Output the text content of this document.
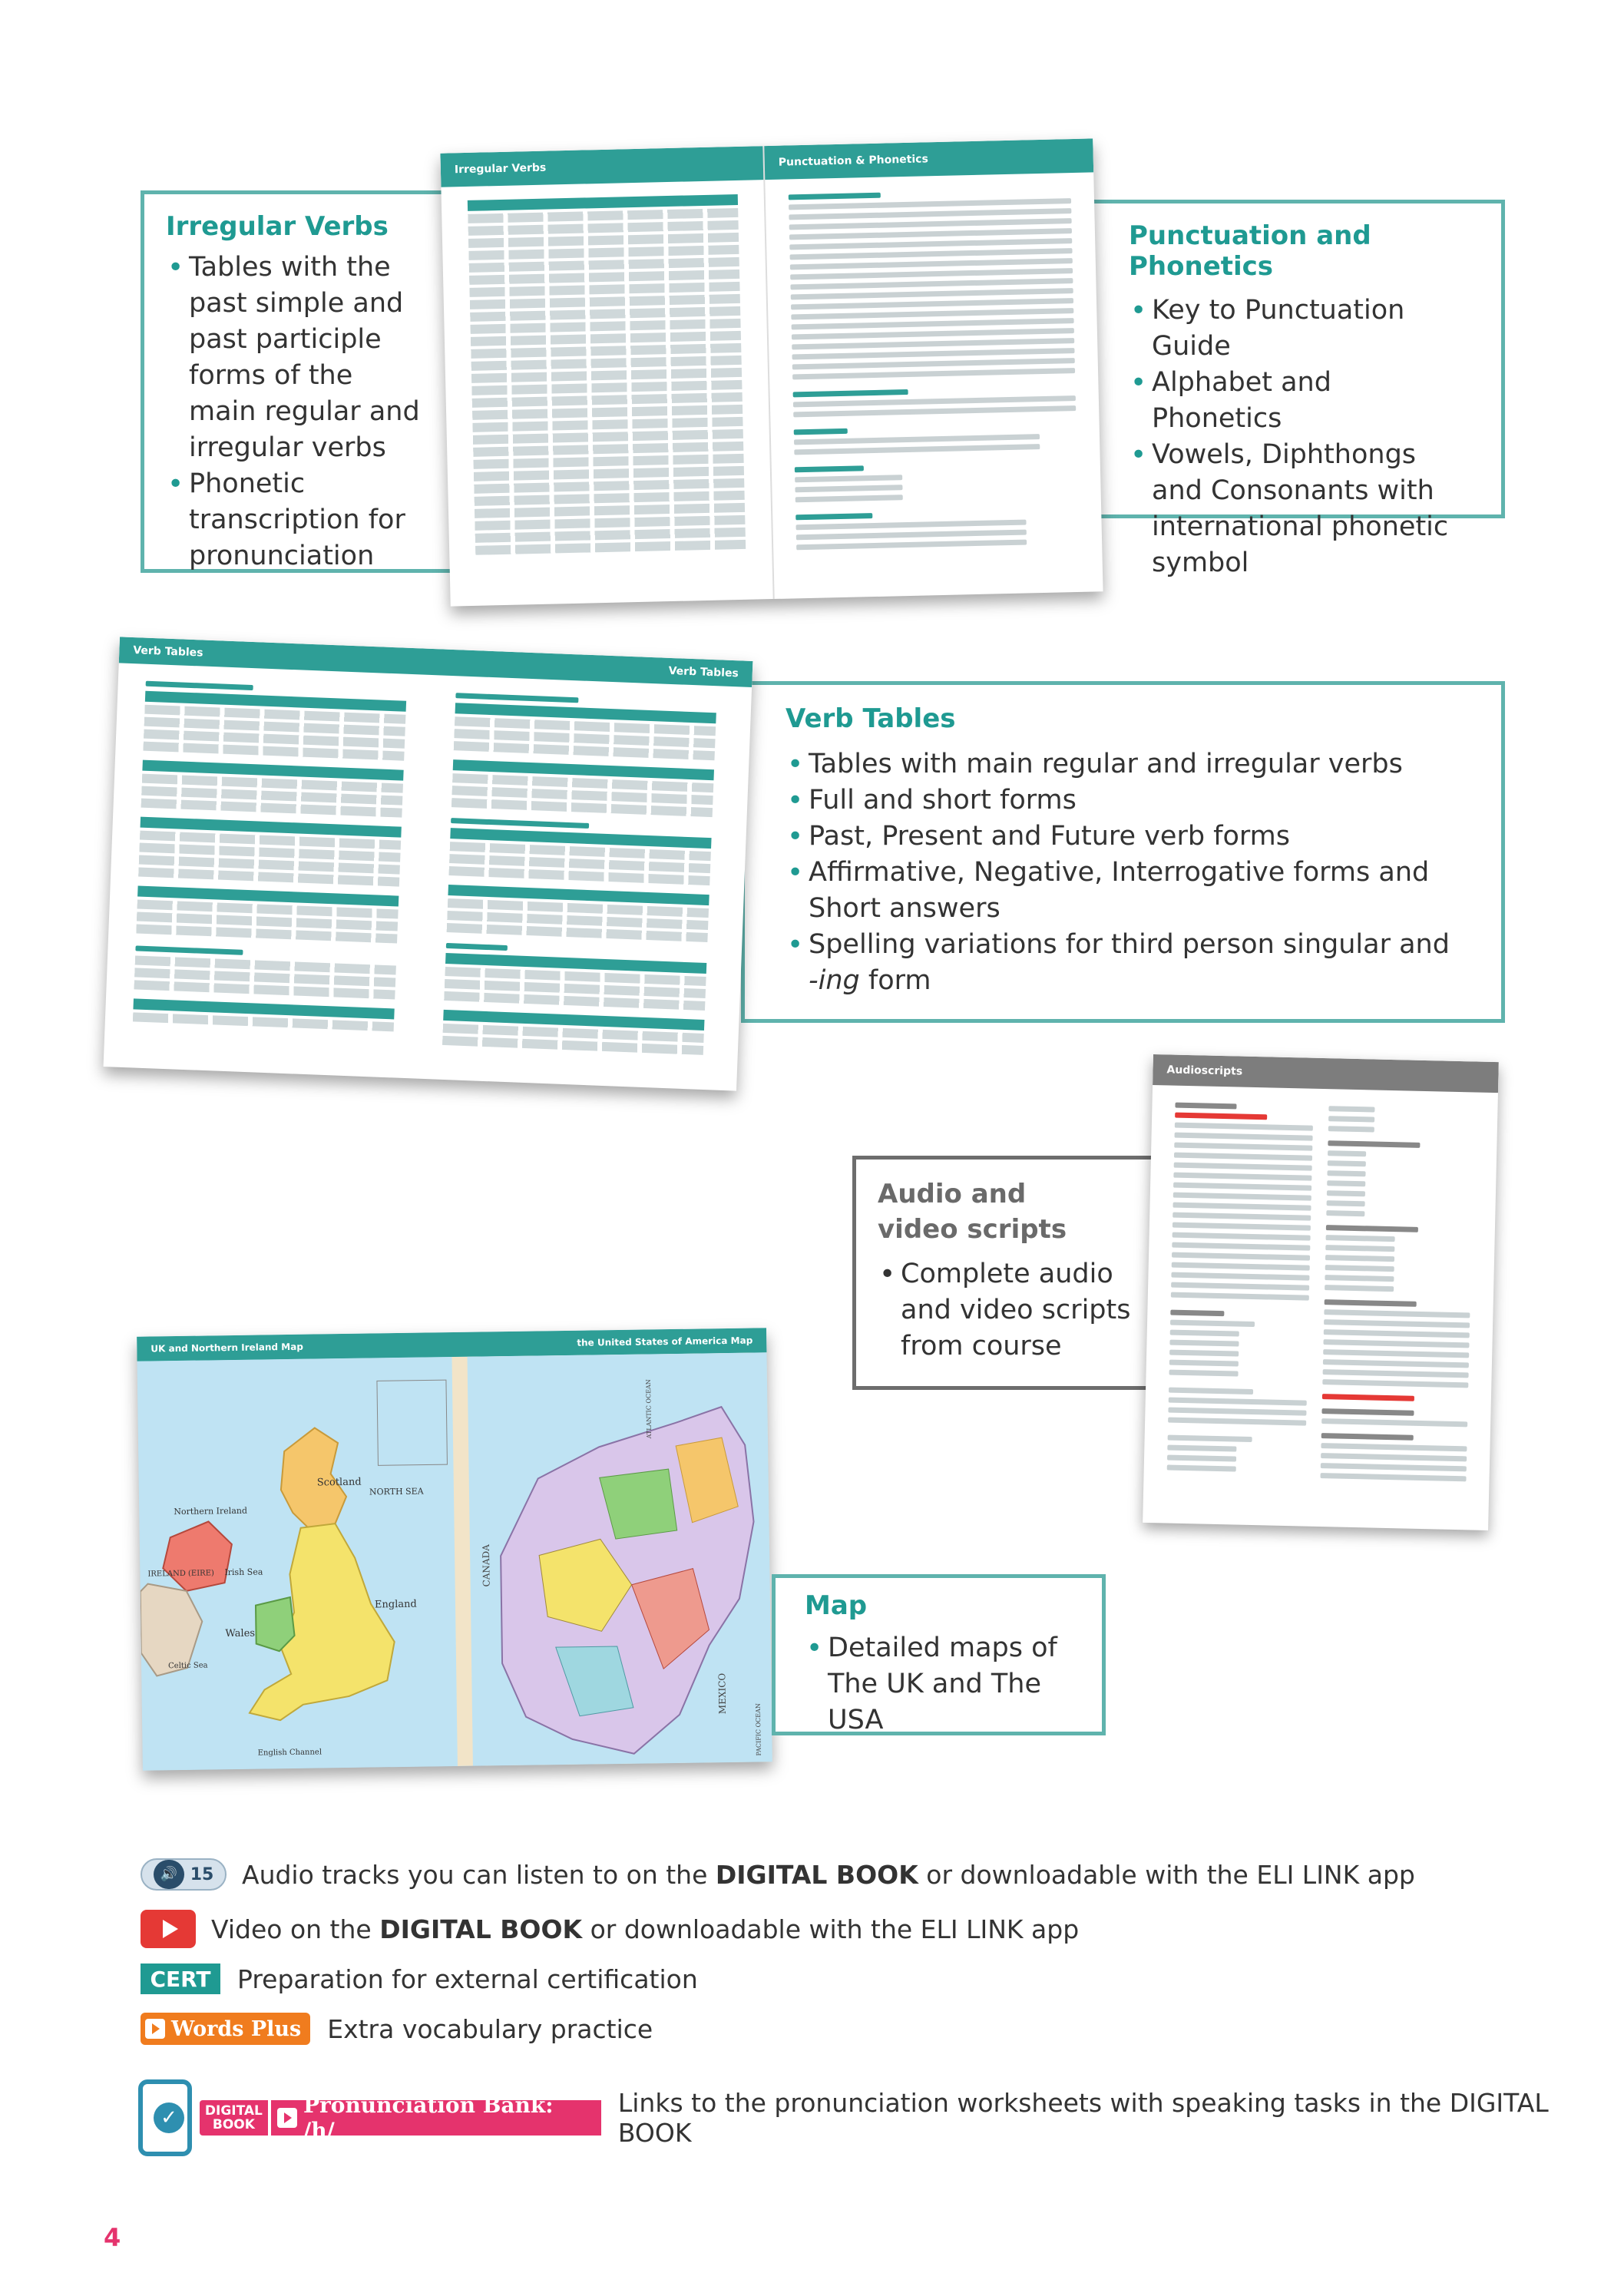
Irregular Verbs
• Tables with the past simple and past participle forms of the main regular and irregular verbs
• Phonetic transcription for pronunciation
Punctuation and Phonetics
• Key to Punctuation Guide
• Alphabet and Phonetics
• Vowels, Diphthongs and Consonants with international phonetic symbol
Irregular Verbs
Punctuation & Phonetics
Verb Tables
• Tables with main regular and irregular verbs
• Full and short forms
• Past, Present and Future verb forms
• Affirmative, Negative, Interrogative forms and Short answers
• Spelling variations for third person singular and -ing form
Verb Tables
Verb Tables
Audio and video scripts
• Complete audio and video scripts from course
Audioscripts
UK and Northern Ireland Map	the United States of America Map
Scotland
NORTH SEA
Northern Ireland
IRELAND (EIRE) Irish Sea
Wales
England
Celtic Sea
English Channel
CANADA
MEXICO
ATLANTIC OCEAN
PACIFIC OCEAN
Map
• Detailed maps of The UK and The USA
🔊 15 Audio tracks you can listen to on the DIGITAL BOOK or downloadable with the ELI LINK app
Video on the DIGITAL BOOK or downloadable with the ELI LINK app
CERT	Preparation for external certification
Words Plus Extra vocabulary practice
✓	DIGITAL
BOOK
Pronunciation Bank: /h/
Links to the pronunciation worksheets with speaking tasks in the DIGITAL BOOK
4
